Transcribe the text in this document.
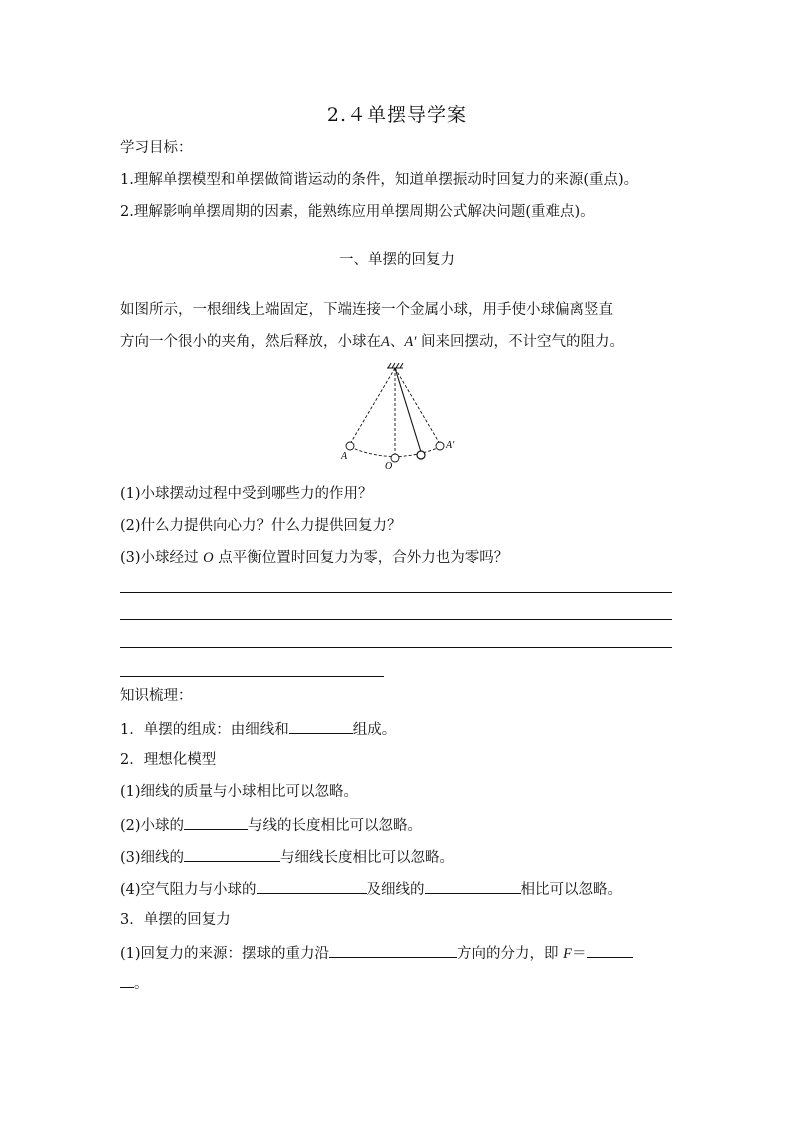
2.４单摆导学案
学习目标：
1.理解单摆模型和单摆做简谐运动的条件，知道单摆振动时回复力的来源(重点)。
2.理解影响单摆周期的因素，能熟练应用单摆周期公式解决问题(重难点)。
一、单摆的回复力
如图所示，一根细线上端固定，下端连接一个金属小球，用手使小球偏离竖直
方向一个很小的夹角，然后释放，小球在A、A′ 间来回摆动，不计空气的阻力。
A
O
A′
(1)小球摆动过程中受到哪些力的作用？
(2)什么力提供向心力？什么力提供回复力？
(3)小球经过 O 点平衡位置时回复力为零，合外力也为零吗？
知识梳理：
1．单摆的组成：由细线和	组成。
2．理想化模型
(1)细线的质量与小球相比可以忽略。
(2)小球的	与线的长度相比可以忽略。
(3)细线的	与细线长度相比可以忽略。
(4)空气阻力与小球的	及细线的	相比可以忽略。
3．单摆的回复力
(1)回复力的来源：摆球的重力沿	方向的分力，即 F＝
。
